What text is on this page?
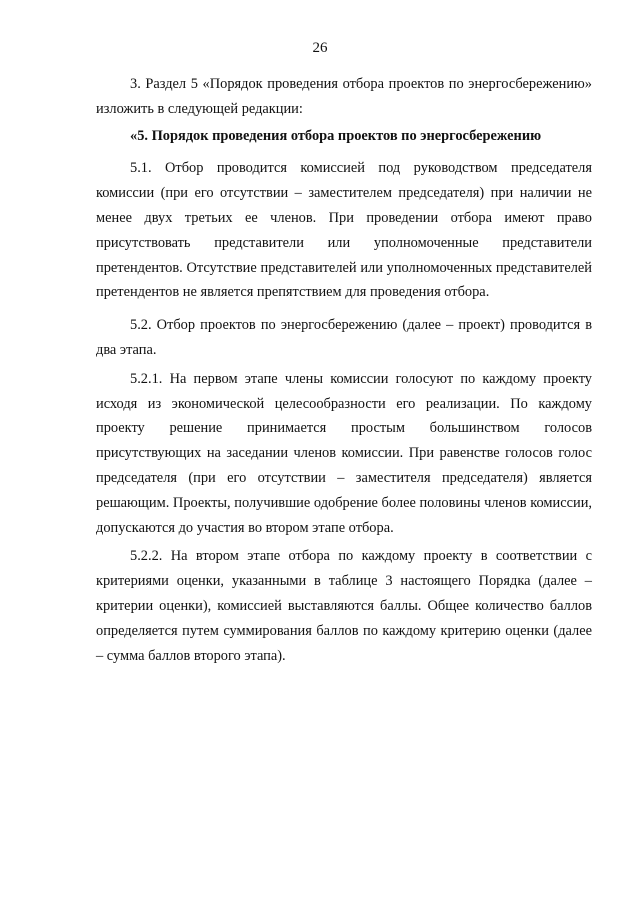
26

3. Раздел 5 «Порядок проведения отбора проектов по энергосбережению» изложить в следующей редакции:

«5. Порядок проведения отбора проектов по энергосбережению

5.1. Отбор проводится комиссией под руководством председателя комиссии (при его отсутствии – заместителем председателя) при наличии не менее двух третьих ее членов. При проведении отбора имеют право присутствовать представители или уполномоченные представители претендентов. Отсутствие представителей или уполномоченных представителей претендентов не является препятствием для проведения отбора.

5.2. Отбор проектов по энергосбережению (далее – проект) проводится в два этапа.

5.2.1. На первом этапе члены комиссии голосуют по каждому проекту исходя из экономической целесообразности его реализации. По каждому проекту решение принимается простым большинством голосов присутствующих на заседании членов комиссии. При равенстве голосов голос председателя (при его отсутствии – заместителя председателя) является решающим. Проекты, получившие одобрение более половины членов комиссии, допускаются до участия во втором этапе отбора.

5.2.2. На втором этапе отбора по каждому проекту в соответствии с критериями оценки, указанными в таблице 3 настоящего Порядка (далее – критерии оценки), комиссией выставляются баллы. Общее количество баллов определяется путем суммирования баллов по каждому критерию оценки (далее – сумма баллов второго этапа).
